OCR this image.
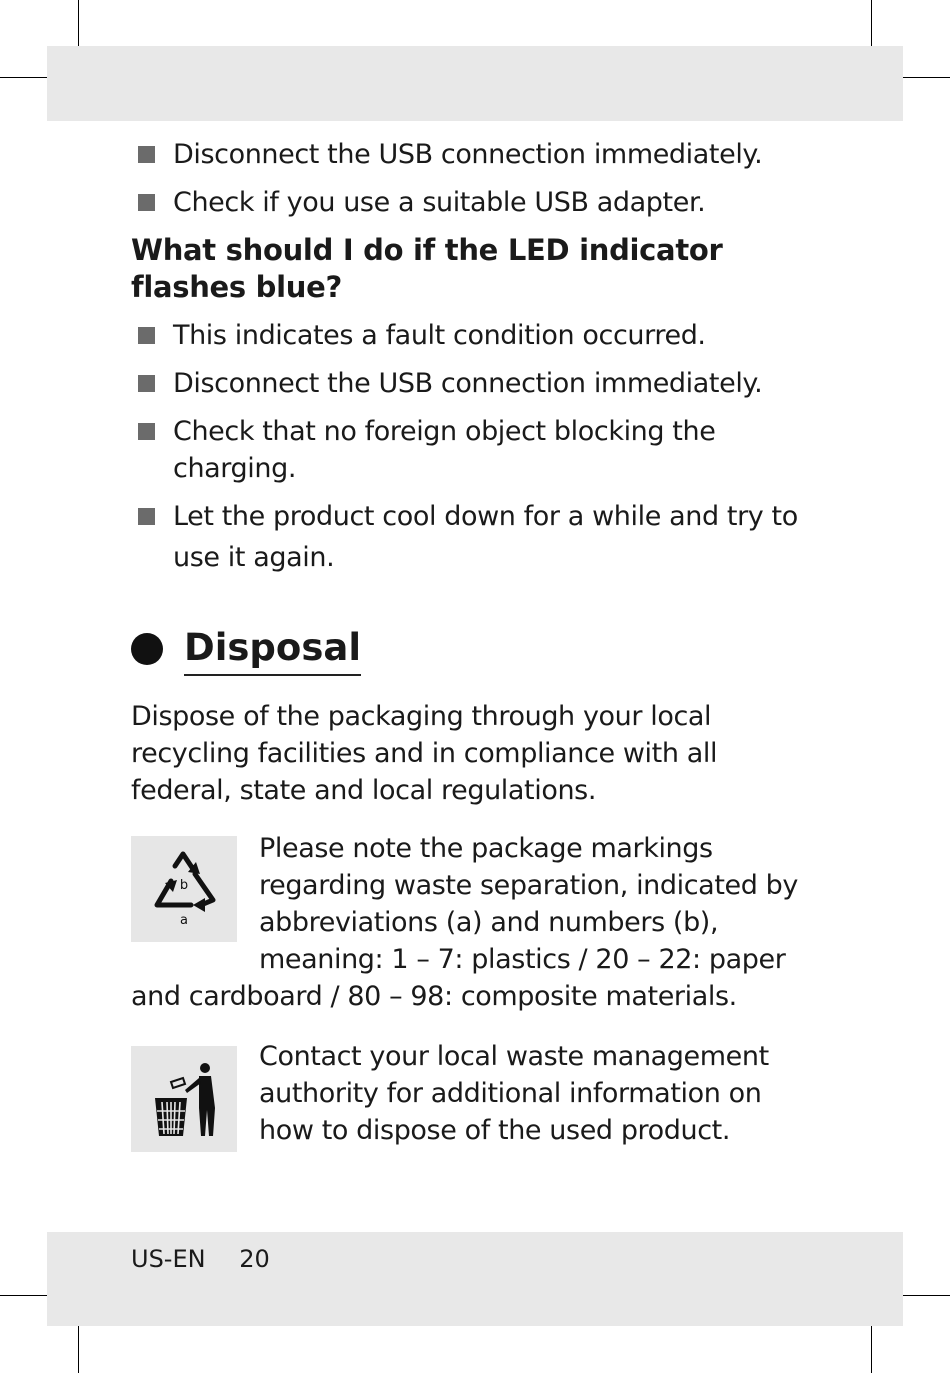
Disconnect the USB connection immediately.
Check if you use a suitable USB adapter.
What should I do if the LED indicator
flashes blue?
This indicates a fault condition occurred.
Disconnect the USB connection immediately.
Check that no foreign object blocking the
charging.
Let the product cool down for a while and try to
use it again.
Disposal
Dispose of the packaging through your local
recycling facilities and in compliance with all
federal, state and local regulations.
b
a
Please note the package markings
regarding waste separation, indicated by
abbreviations (a) and numbers (b),
meaning: 1 – 7: plastics / 20 – 22: paper
and cardboard / 80 – 98: composite materials.
Contact your local waste management
authority for additional information on
how to dispose of the used product.
US-EN 20
